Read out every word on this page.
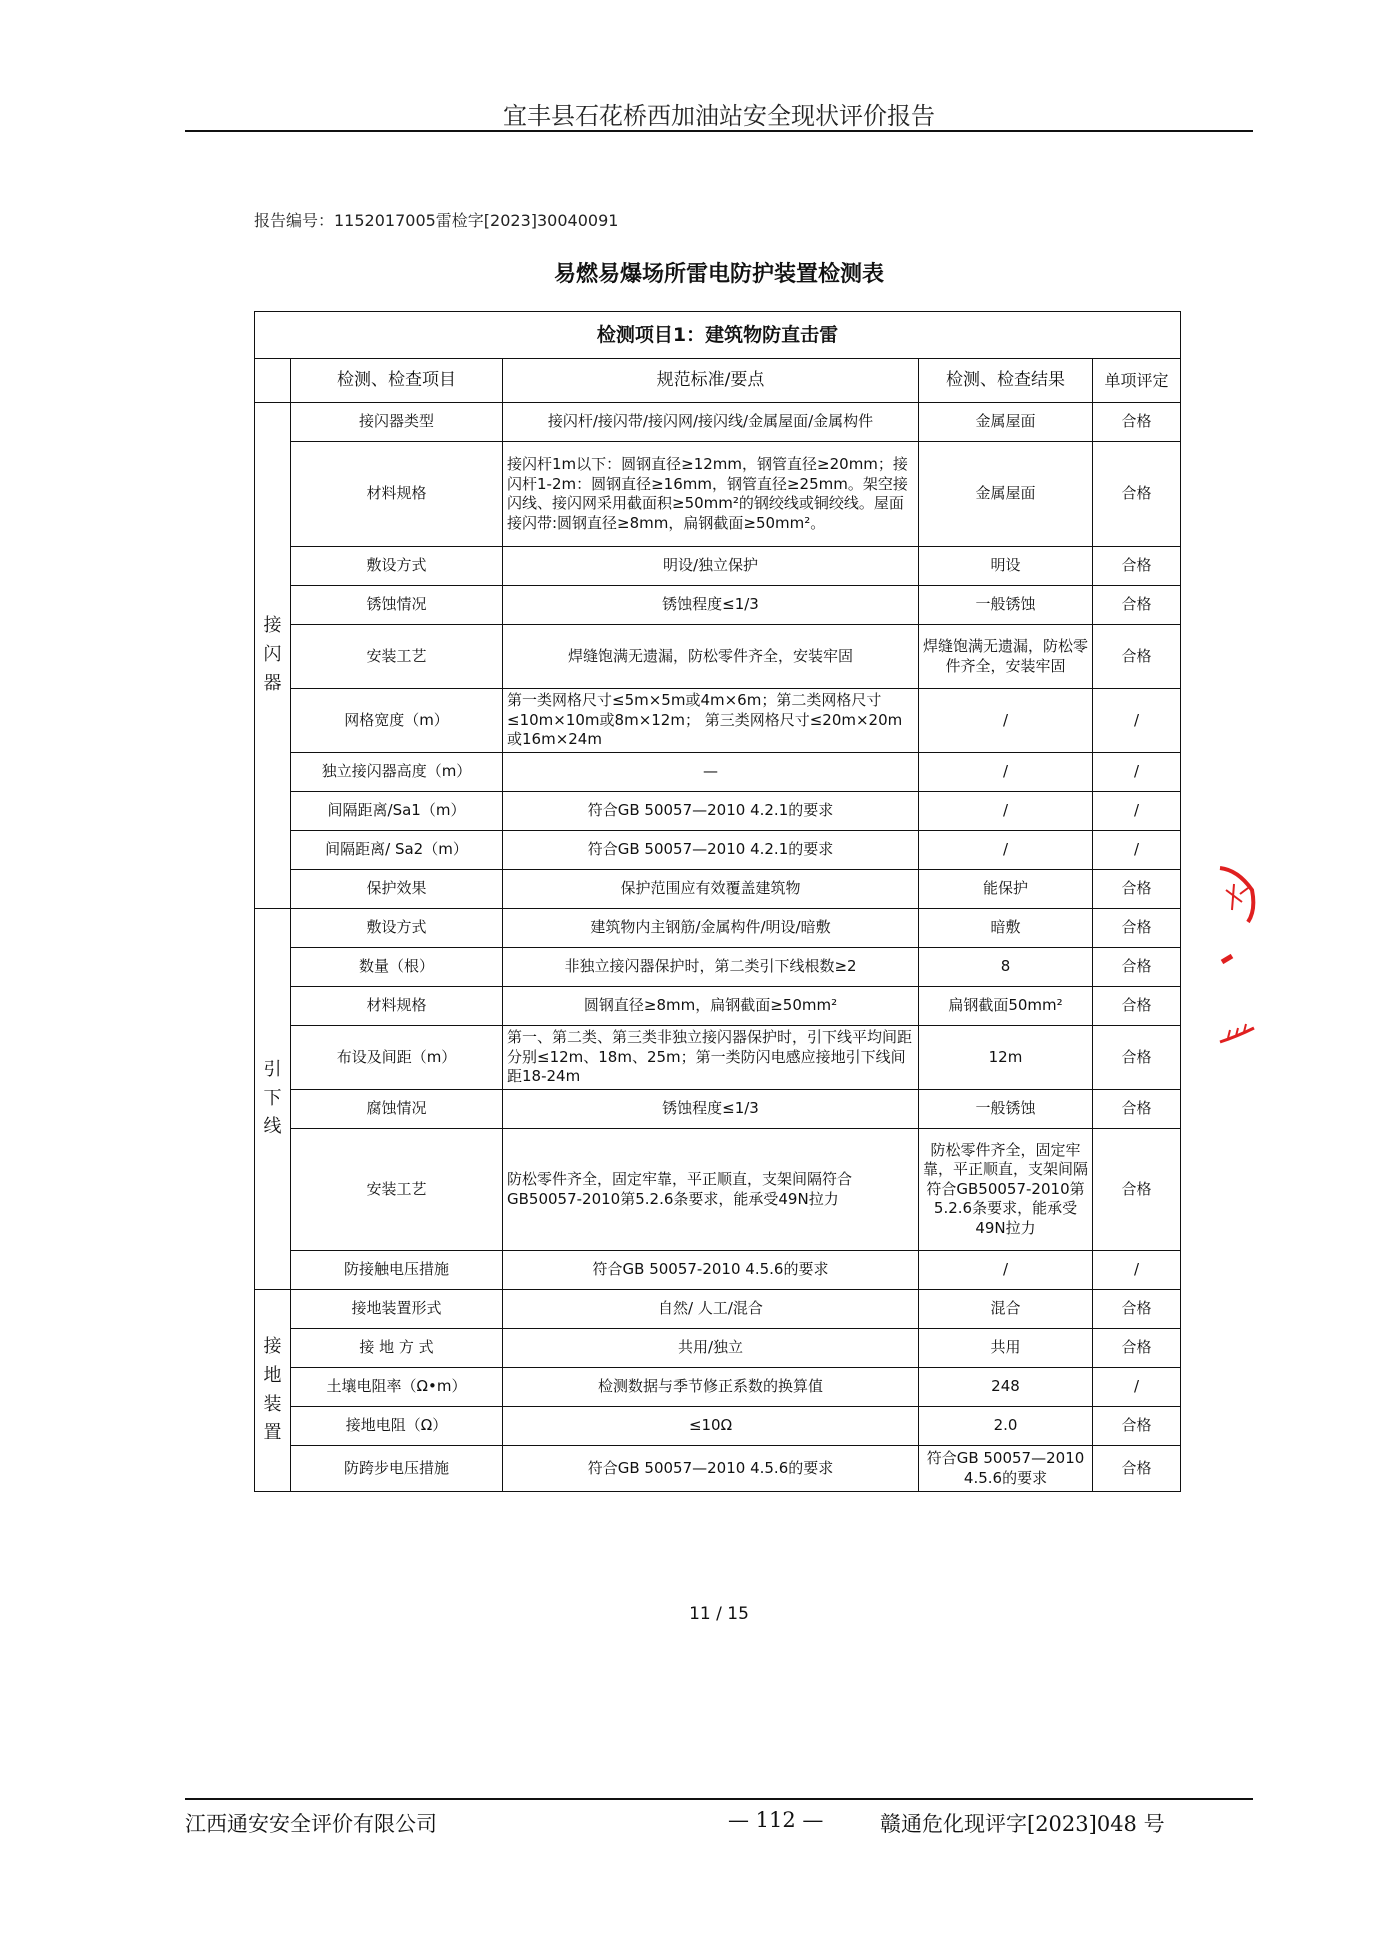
宜丰县石花桥西加油站安全现状评价报告
报告编号：1152017005雷检字[2023]30040091
易燃易爆场所雷电防护装置检测表
检测项目1：建筑物防直击雷				
	检测、检查项目	规范标准/要点	检测、检查结果	单项评定
接
闪
器	接闪器类型	接闪杆/接闪带/接闪网/接闪线/金属屋面/金属构件	金属屋面	合格
	材料规格	接闪杆1m以下：圆钢直径≥12mm，钢管直径≥20mm；接闪杆1-2m：圆钢直径≥16mm，钢管直径≥25mm。架空接闪线、接闪网采用截面积≥50mm²的钢绞线或铜绞线。屋面接闪带:圆钢直径≥8mm，扁钢截面≥50mm²。	金属屋面	合格
	敷设方式	明设/独立保护	明设	合格
	锈蚀情况	锈蚀程度≤1/3	一般锈蚀	合格
	安装工艺	焊缝饱满无遗漏，防松零件齐全，安装牢固	焊缝饱满无遗漏，防松零件齐全，安装牢固	合格
	网格宽度（m）	第一类网格尺寸≤5m×5m或4m×6m；第二类网格尺寸≤10m×10m或8m×12m； 第三类网格尺寸≤20m×20m或16m×24m	/	/
	独立接闪器高度（m）	—	/	/
	间隔距离/Sa1（m）	符合GB 50057—2010 4.2.1的要求	/	/
	间隔距离/ Sa2（m）	符合GB 50057—2010 4.2.1的要求	/	/
	保护效果	保护范围应有效覆盖建筑物	能保护	合格
引
下
线	敷设方式	建筑物内主钢筋/金属构件/明设/暗敷	暗敷	合格
	数量（根）	非独立接闪器保护时，第二类引下线根数≥2	8	合格
	材料规格	圆钢直径≥8mm，扁钢截面≥50mm²	扁钢截面50mm²	合格
	布设及间距（m）	第一、第二类、第三类非独立接闪器保护时，引下线平均间距分别≤12m、18m、25m；第一类防闪电感应接地引下线间距18-24m	12m	合格
	腐蚀情况	锈蚀程度≤1/3	一般锈蚀	合格
	安装工艺	防松零件齐全，固定牢靠，平正顺直，支架间隔符合GB50057-2010第5.2.6条要求，能承受49N拉力	防松零件齐全，固定牢靠，平正顺直，支架间隔符合GB50057-2010第5.2.6条要求，能承受49N拉力	合格
	防接触电压措施	符合GB 50057-2010 4.5.6的要求	/	/
接
地
装
置	接地装置形式	自然/ 人工/混合	混合	合格
	接 地 方 式	共用/独立	共用	合格
	土壤电阻率（Ω•m）	检测数据与季节修正系数的换算值	248	/
	接地电阻（Ω）	≤10Ω	2.0	合格
	防跨步电压措施	符合GB 50057—2010 4.5.6的要求	符合GB 50057—2010 4.5.6的要求	合格
11 / 15
江西通安安全评价有限公司	— 112 —	赣通危化现评字[2023]048 号
